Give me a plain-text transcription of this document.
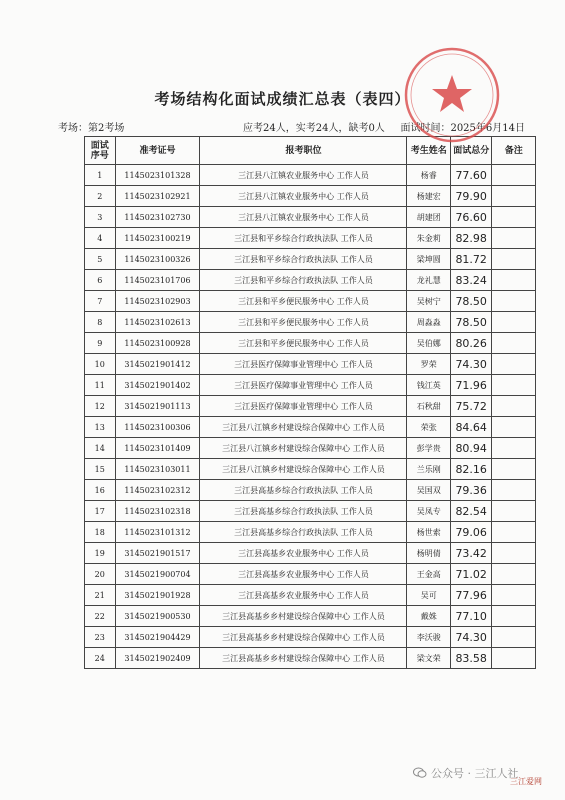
考场结构化面试成绩汇总表（表四）
考场：第2考场	应考24人，实考24人，缺考0人 面试时间：2025年6月14日
面试序号	准考证号	报考职位	考生姓名	面试总分	备注
1	1145023101328	三江县八江镇农业服务中心 工作人员	杨睿	77.60	
2	1145023102921	三江县八江镇农业服务中心 工作人员	杨建宏	79.90	
3	1145023102730	三江县八江镇农业服务中心 工作人员	胡建团	76.60	
4	1145023100219	三江县和平乡综合行政执法队 工作人员	朱金莉	82.98	
5	1145023100326	三江县和平乡综合行政执法队 工作人员	梁坤圆	81.72	
6	1145023101706	三江县和平乡综合行政执法队 工作人员	龙礼慧	83.24	
7	1145023102903	三江县和平乡便民服务中心 工作人员	吴树宁	78.50	
8	1145023102613	三江县和平乡便民服务中心 工作人员	周淼淼	78.50	
9	1145023100928	三江县和平乡便民服务中心 工作人员	吴伯娜	80.26	
10	3145021901412	三江县医疗保障事业管理中心 工作人员	罗荣	74.30	
11	3145021901402	三江县医疗保障事业管理中心 工作人员	钱江英	71.96	
12	3145021901113	三江县医疗保障事业管理中心 工作人员	石秋甜	75.72	
13	1145023100306	三江县八江镇乡村建设综合保障中心 工作人员	荣张	84.64	
14	1145023101409	三江县八江镇乡村建设综合保障中心 工作人员	彭学贵	80.94	
15	1145023103011	三江县八江镇乡村建设综合保障中心 工作人员	兰乐刚	82.16	
16	1145023102312	三江县高基乡综合行政执法队 工作人员	吴国双	79.36	
17	1145023102318	三江县高基乡综合行政执法队 工作人员	吴凤专	82.54	
18	1145023101312	三江县高基乡综合行政执法队 工作人员	杨世索	79.06	
19	3145021901517	三江县高基乡农业服务中心 工作人员	杨明倩	73.42	
20	3145021900704	三江县高基乡农业服务中心 工作人员	王金高	71.02	
21	3145021901928	三江县高基乡农业服务中心 工作人员	吴可	77.96	
22	3145021900530	三江县高基乡乡村建设综合保障中心 工作人员	戴姝	77.10	
23	3145021904429	三江县高基乡乡村建设综合保障中心 工作人员	李沃骏	74.30	
24	3145021902409	三江县高基乡乡村建设综合保障中心 工作人员	梁文荣	83.58	
公众号 · 三江人社
三江爱网
